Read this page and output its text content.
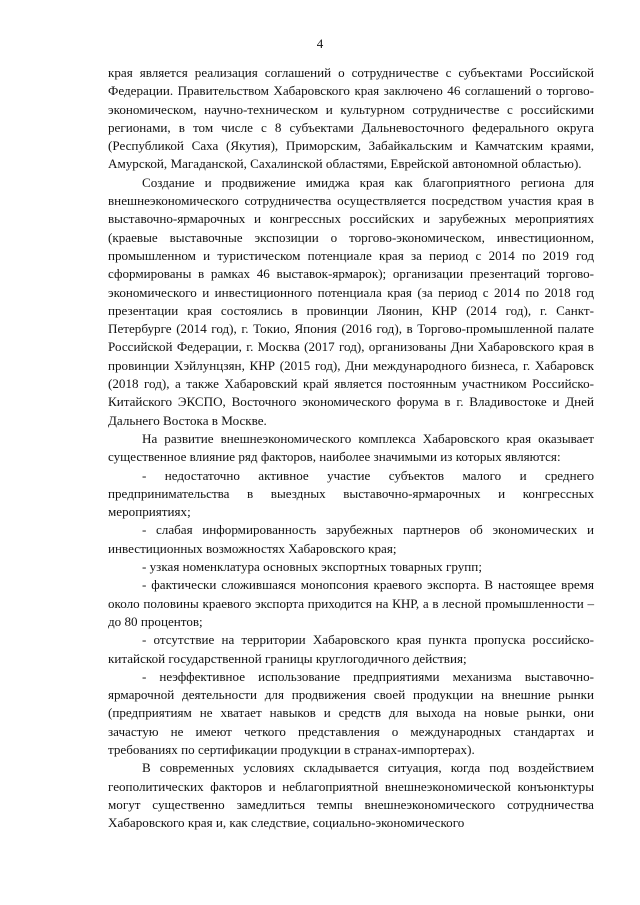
4

края является реализация соглашений о сотрудничестве с субъектами Российской Федерации. Правительством Хабаровского края заключено 46 соглашений о торгово-экономическом, научно-техническом и культурном сотрудничестве с российскими регионами, в том числе с 8 субъектами Дальневосточного федерального округа (Республикой Саха (Якутия), Приморским, Забайкальским и Камчатским краями, Амурской, Магаданской, Сахалинской областями, Еврейской автономной областью).

Создание и продвижение имиджа края как благоприятного региона для внешнеэкономического сотрудничества осуществляется посредством участия края в выставочно-ярмарочных и конгрессных российских и зарубежных мероприятиях (краевые выставочные экспозиции о торгово-экономическом, инвестиционном, промышленном и туристическом потенциале края за период с 2014 по 2019 год сформированы в рамках 46 выставок-ярмарок); организации презентаций торгово-экономического и инвестиционного потенциала края (за период с 2014 по 2018 год презентации края состоялись в провинции Ляонин, КНР (2014 год), г. Санкт-Петербурге (2014 год), г. Токио, Япония (2016 год), в Торгово-промышленной палате Российской Федерации, г. Москва (2017 год), организованы Дни Хабаровского края в провинции Хэйлунцзян, КНР (2015 год), Дни международного бизнеса, г. Хабаровск (2018 год), а также Хабаровский край является постоянным участником Российско-Китайского ЭКСПО, Восточного экономического форума в г. Владивостоке и Дней Дальнего Востока в Москве.

На развитие внешнеэкономического комплекса Хабаровского края оказывает существенное влияние ряд факторов, наиболее значимыми из которых являются:

- недостаточно активное участие субъектов малого и среднего предпринимательства в выездных выставочно-ярмарочных и конгрессных мероприятиях;

- слабая информированность зарубежных партнеров об экономических и инвестиционных возможностях Хабаровского края;

- узкая номенклатура основных экспортных товарных групп;

- фактически сложившаяся монопсония краевого экспорта. В настоящее время около половины краевого экспорта приходится на КНР, а в лесной промышленности – до 80 процентов;

- отсутствие на территории Хабаровского края пункта пропуска российско-китайской государственной границы круглогодичного действия;

- неэффективное использование предприятиями механизма выставочно-ярмарочной деятельности для продвижения своей продукции на внешние рынки (предприятиям не хватает навыков и средств для выхода на новые рынки, они зачастую не имеют четкого представления о международных стандартах и требованиях по сертификации продукции в странах-импортерах).

В современных условиях складывается ситуация, когда под воздействием геополитических факторов и неблагоприятной внешнеэкономической конъюнктуры могут существенно замедлиться темпы внешнеэкономического сотрудничества Хабаровского края и, как следствие, социально-экономического
